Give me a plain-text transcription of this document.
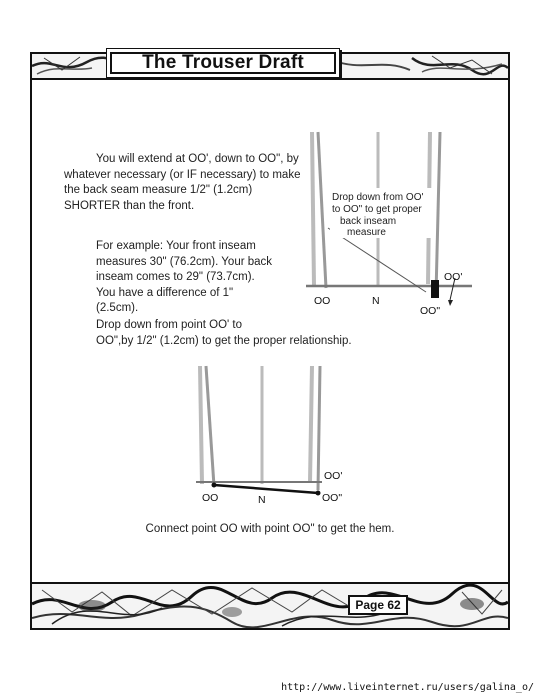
The Trouser Draft

You will extend at OO', down to OO", by whatever necessary (or IF necessary) to make the back seam measure 1/2" (1.2cm) SHORTER than the front.

For example: Your front inseam
measures 30" (76.2cm). Your back
inseam comes to 29" (73.7cm).
You have a difference of 1"
(2.5cm).

Drop down from point OO' to
OO",by 1/2" (1.2cm) to get the proper relationship.

Drop down from OO'
to OO" to get proper
back inseam
measure
OO	N
OO'
OO"
OO	N
OO'
OO"

Connect point OO with point OO" to get the hem.

Page 62
http://www.liveinternet.ru/users/galina_o/
